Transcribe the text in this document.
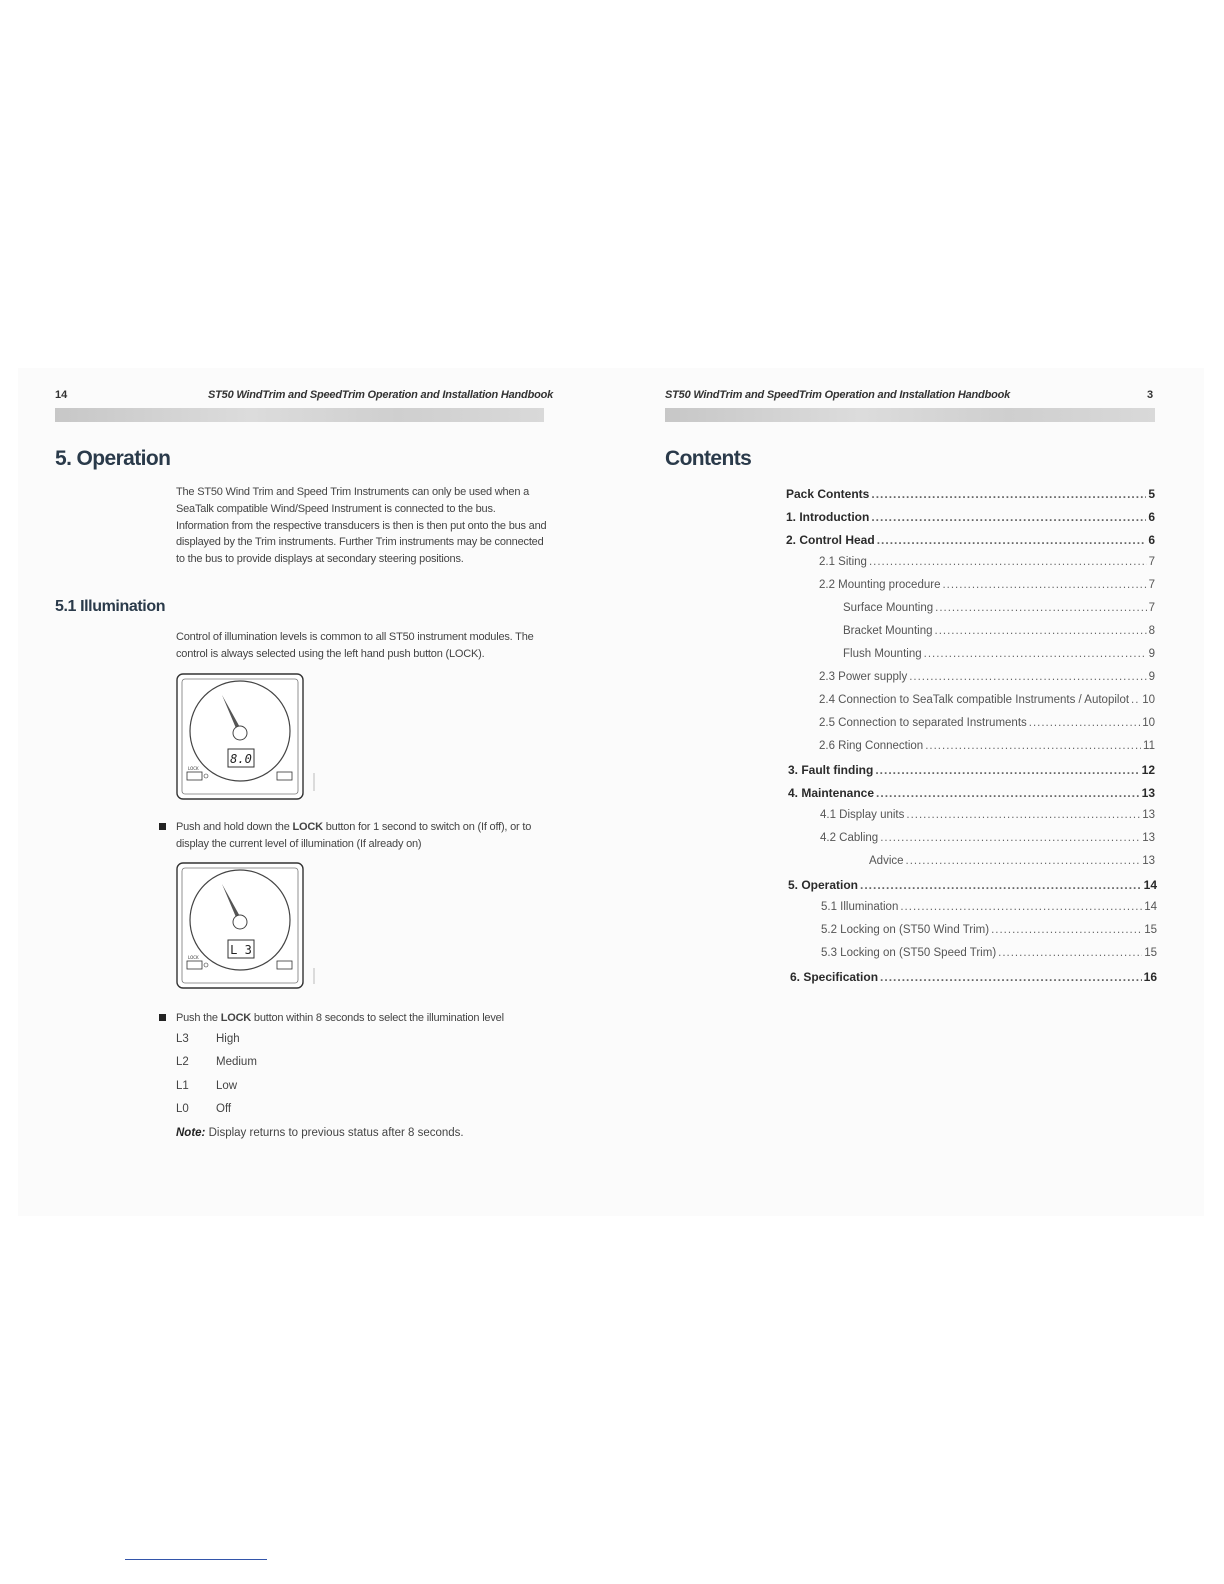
14	ST50 WindTrim and SpeedTrim Operation and Installation Handbook
5. Operation
The ST50 Wind Trim and Speed Trim Instruments can only be used when a SeaTalk compatible Wind/Speed Instrument is connected to the bus. Information from the respective transducers is then is then put onto the bus and displayed by the Trim instruments. Further Trim instruments may be connected to the bus to provide displays at secondary steering positions.
5.1 Illumination
Control of illumination levels is common to all ST50 instrument modules. The control is always selected using the left hand push button (LOCK).
8.0
LOCK
Push and hold down the LOCK button for 1 second to switch on (If off), or to display the current level of illumination (If already on)
L 3
LOCK
Push the LOCK button within 8 seconds to select the illumination level
L3 High
L2 Medium
L1 Low
L0 Off
Note: Display returns to previous status after 8 seconds.
ST50 WindTrim and SpeedTrim Operation and Installation Handbook	3
Contents
Pack Contents .....	5
1. Introduction .....	6
2. Control Head .....	6
2.1 Siting .....	7
2.2 Mounting procedure .....	7
Surface Mounting .....	7
Bracket Mounting .....	8
Flush Mounting .....	9
2.3 Power supply .....	9
2.4 Connection to SeaTalk compatible Instruments / Autopilot ..... 10
2.5 Connection to separated Instruments .....	10
2.6 Ring Connection .....	11
3. Fault finding .....	12
4. Maintenance .....	13
4.1 Display units .....	13
4.2 Cabling .....	13
Advice .....	13
5. Operation .....	14
5.1 Illumination .....	14
5.2 Locking on (ST50 Wind Trim) .....	15
5.3 Locking on (ST50 Speed Trim) .....	15
6. Specification .....	16
